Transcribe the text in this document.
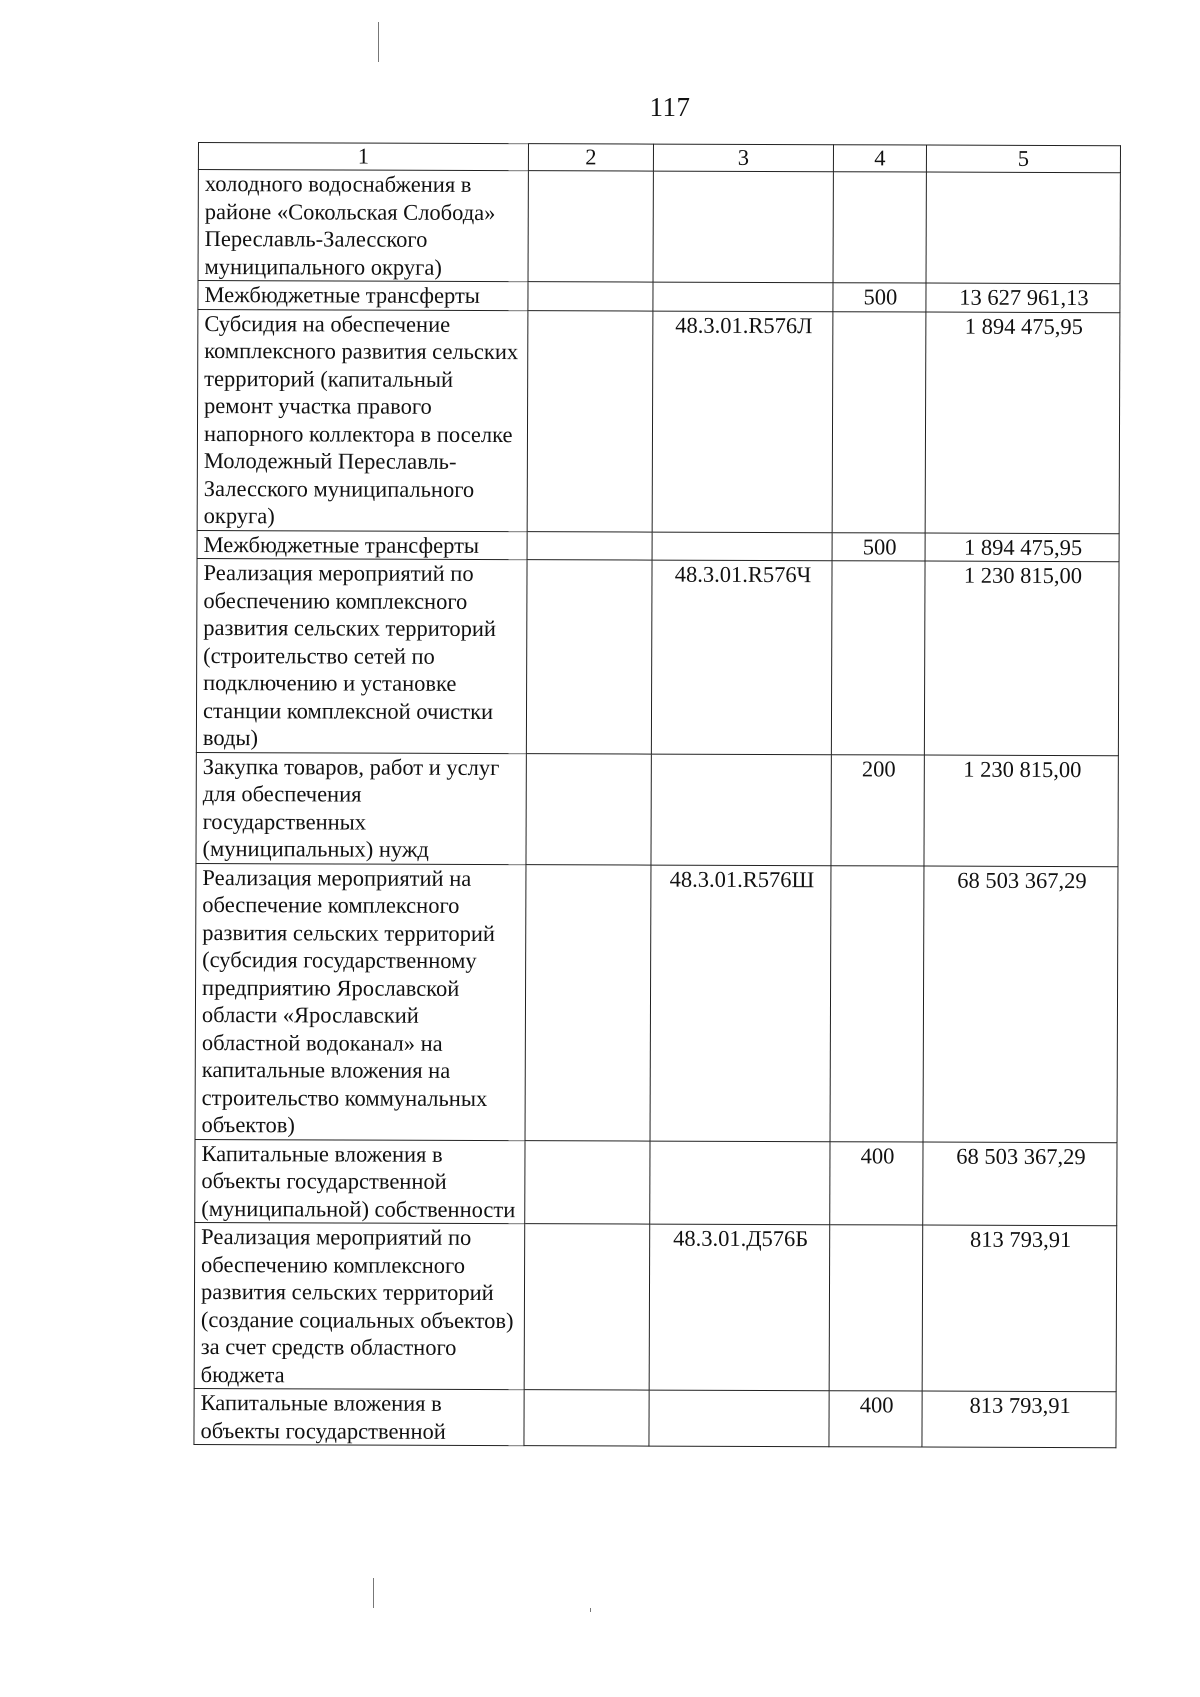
117
1	2	3	4	5
холодного водоснабжения в районе «Сокольская Слобода» Переславль-Залесского муниципального округа)				
Межбюджетные трансферты			500	13 627 961,13
Субсидия на обеспечение комплексного развития сельских территорий (капитальный ремонт участка правого напорного коллектора в поселке Молодежный Переславль-Залесского муниципального округа)		48.3.01.R576Л		1 894 475,95
Межбюджетные трансферты			500	1 894 475,95
Реализация мероприятий по обеспечению комплексного развития сельских территорий (строительство сетей по подключению и установке станции комплексной очистки воды)		48.3.01.R576Ч		1 230 815,00
Закупка товаров, работ и услуг для обеспечения государственных (муниципальных) нужд			200	1 230 815,00
Реализация мероприятий на обеспечение комплексного развития сельских территорий (субсидия государственному предприятию Ярославской области «Ярославский областной водоканал» на капитальные вложения на строительство коммунальных объектов)		48.3.01.R576Ш		68 503 367,29
Капитальные вложения в объекты государственной (муниципальной) собственности			400	68 503 367,29
Реализация мероприятий по обеспечению комплексного развития сельских территорий (создание социальных объектов) за счет средств областного бюджета		48.3.01.Д576Б		813 793,91
Капитальные вложения в объекты государственной			400	813 793,91
